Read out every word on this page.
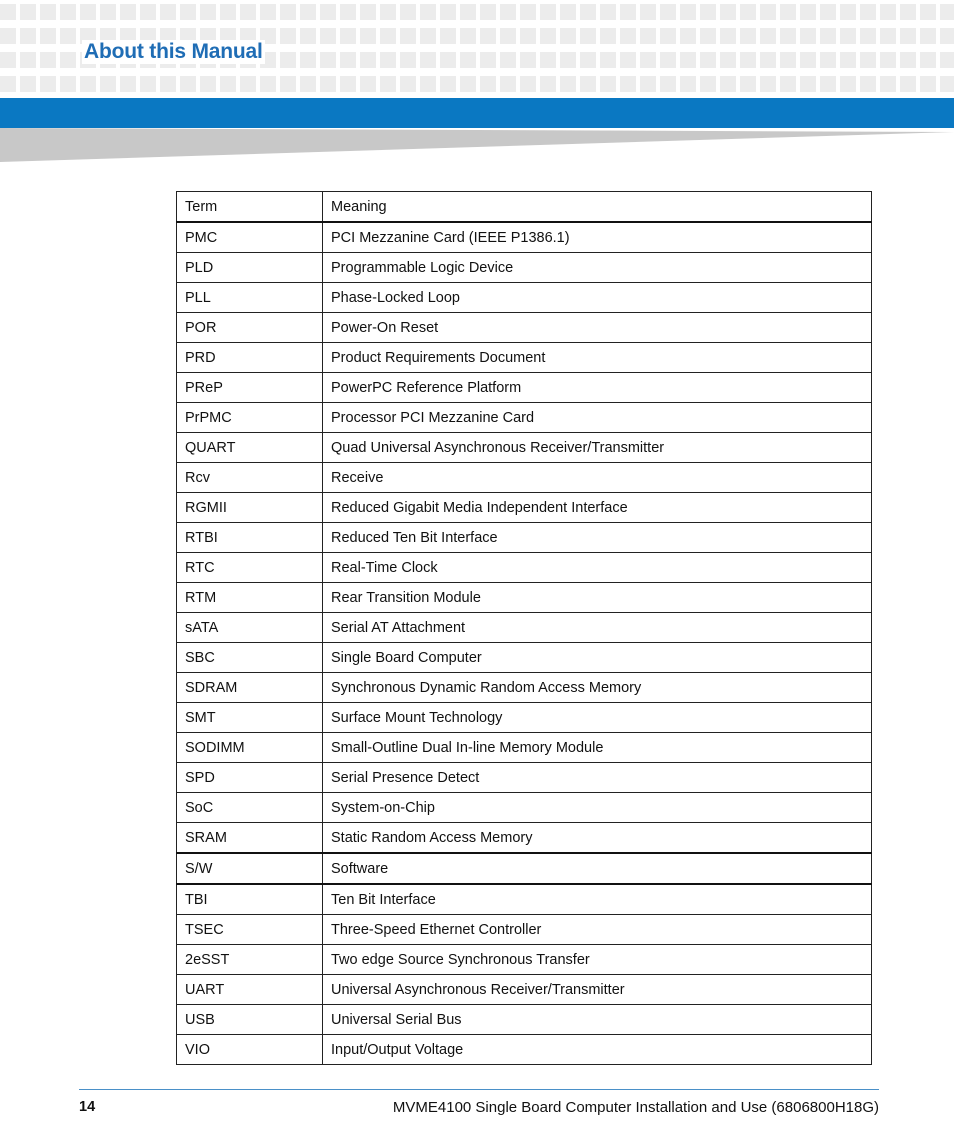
About this Manual
Term	Meaning
PMC	PCI Mezzanine Card (IEEE P1386.1)
PLD	Programmable Logic Device
PLL	Phase-Locked Loop
POR	Power-On Reset
PRD	Product Requirements Document
PReP	PowerPC Reference Platform
PrPMC	Processor PCI Mezzanine Card
QUART	Quad Universal Asynchronous Receiver/Transmitter
Rcv	Receive
RGMII	Reduced Gigabit Media Independent Interface
RTBI	Reduced Ten Bit Interface
RTC	Real-Time Clock
RTM	Rear Transition Module
sATA	Serial AT Attachment
SBC	Single Board Computer
SDRAM	Synchronous Dynamic Random Access Memory
SMT	Surface Mount Technology
SODIMM	Small-Outline Dual In-line Memory Module
SPD	Serial Presence Detect
SoC	System-on-Chip
SRAM	Static Random Access Memory
S/W	Software
TBI	Ten Bit Interface
TSEC	Three-Speed Ethernet Controller
2eSST	Two edge Source Synchronous Transfer
UART	Universal Asynchronous Receiver/Transmitter
USB	Universal Serial Bus
VIO	Input/Output Voltage
14	MVME4100 Single Board Computer Installation and Use (6806800H18G)
